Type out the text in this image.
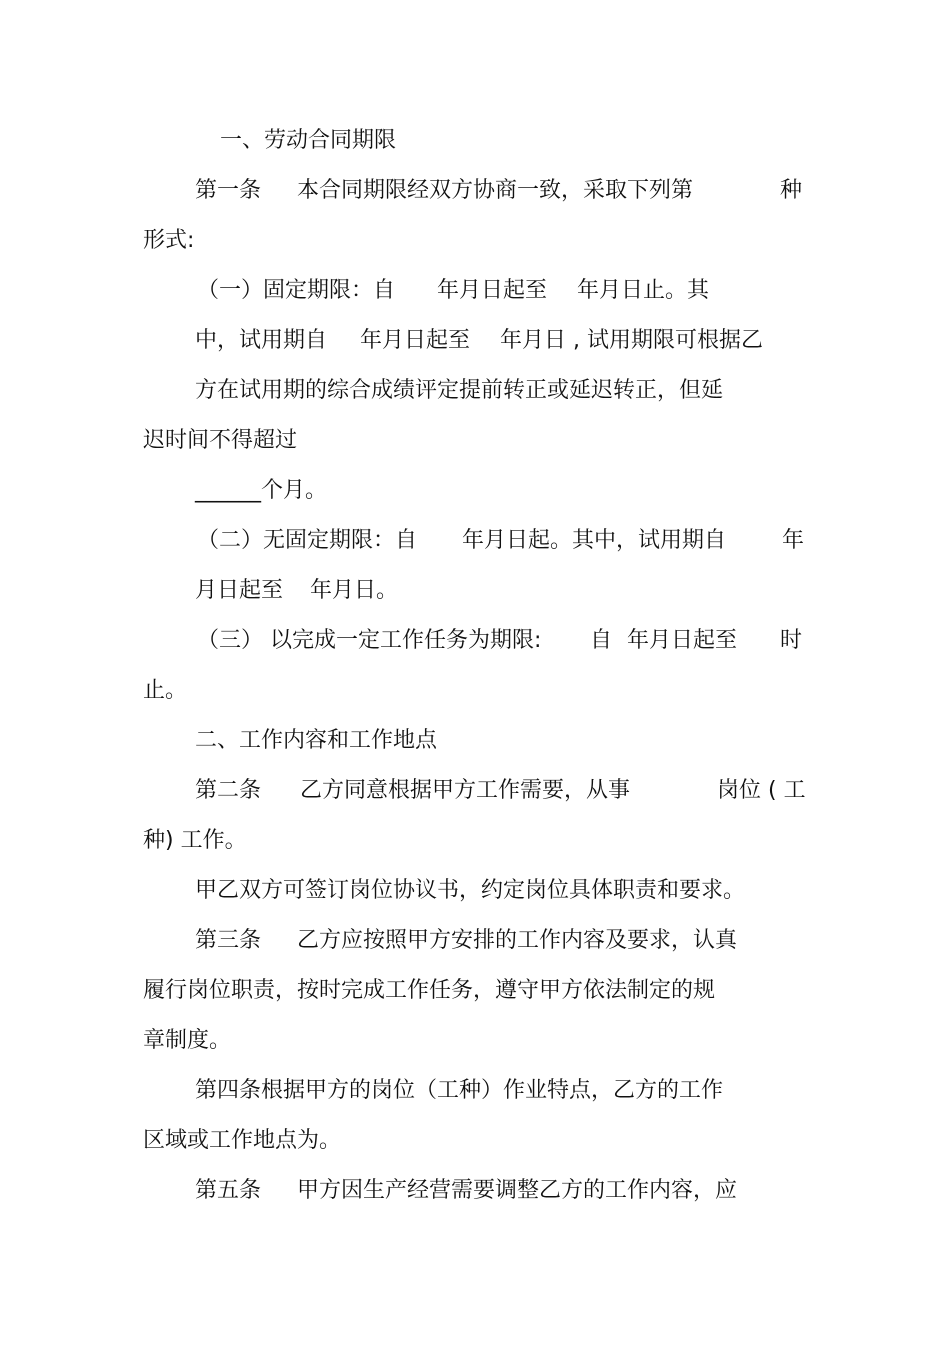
一、劳动合同期限
第一条 本合同期限经双方协商一致，采取下列第	种
形式:
（一）固定期限：自 年月日起至 年月日止。其
中，试用期自 年月日起至 年月日 , 试用期限可根据乙
方在试用期的综合成绩评定提前转正或延迟转正，但延
迟时间不得超过
______个月。
（二）无固定期限：自 年月日起。其中，试用期自	年
月日起至 年月日。
（三） 以完成一定工作任务为期限: 自 年月日起至 时
止。
二、工作内容和工作地点
第二条 乙方同意根据甲方工作需要，从事	岗位 ( 工
种) 工作。
甲乙双方可签订岗位协议书，约定岗位具体职责和要求。
第三条 乙方应按照甲方安排的工作内容及要求，认真
履行岗位职责，按时完成工作任务，遵守甲方依法制定的规
章制度。
第四条根据甲方的岗位（工种）作业特点，乙方的工作
区域或工作地点为。
第五条 甲方因生产经营需要调整乙方的工作内容，应
